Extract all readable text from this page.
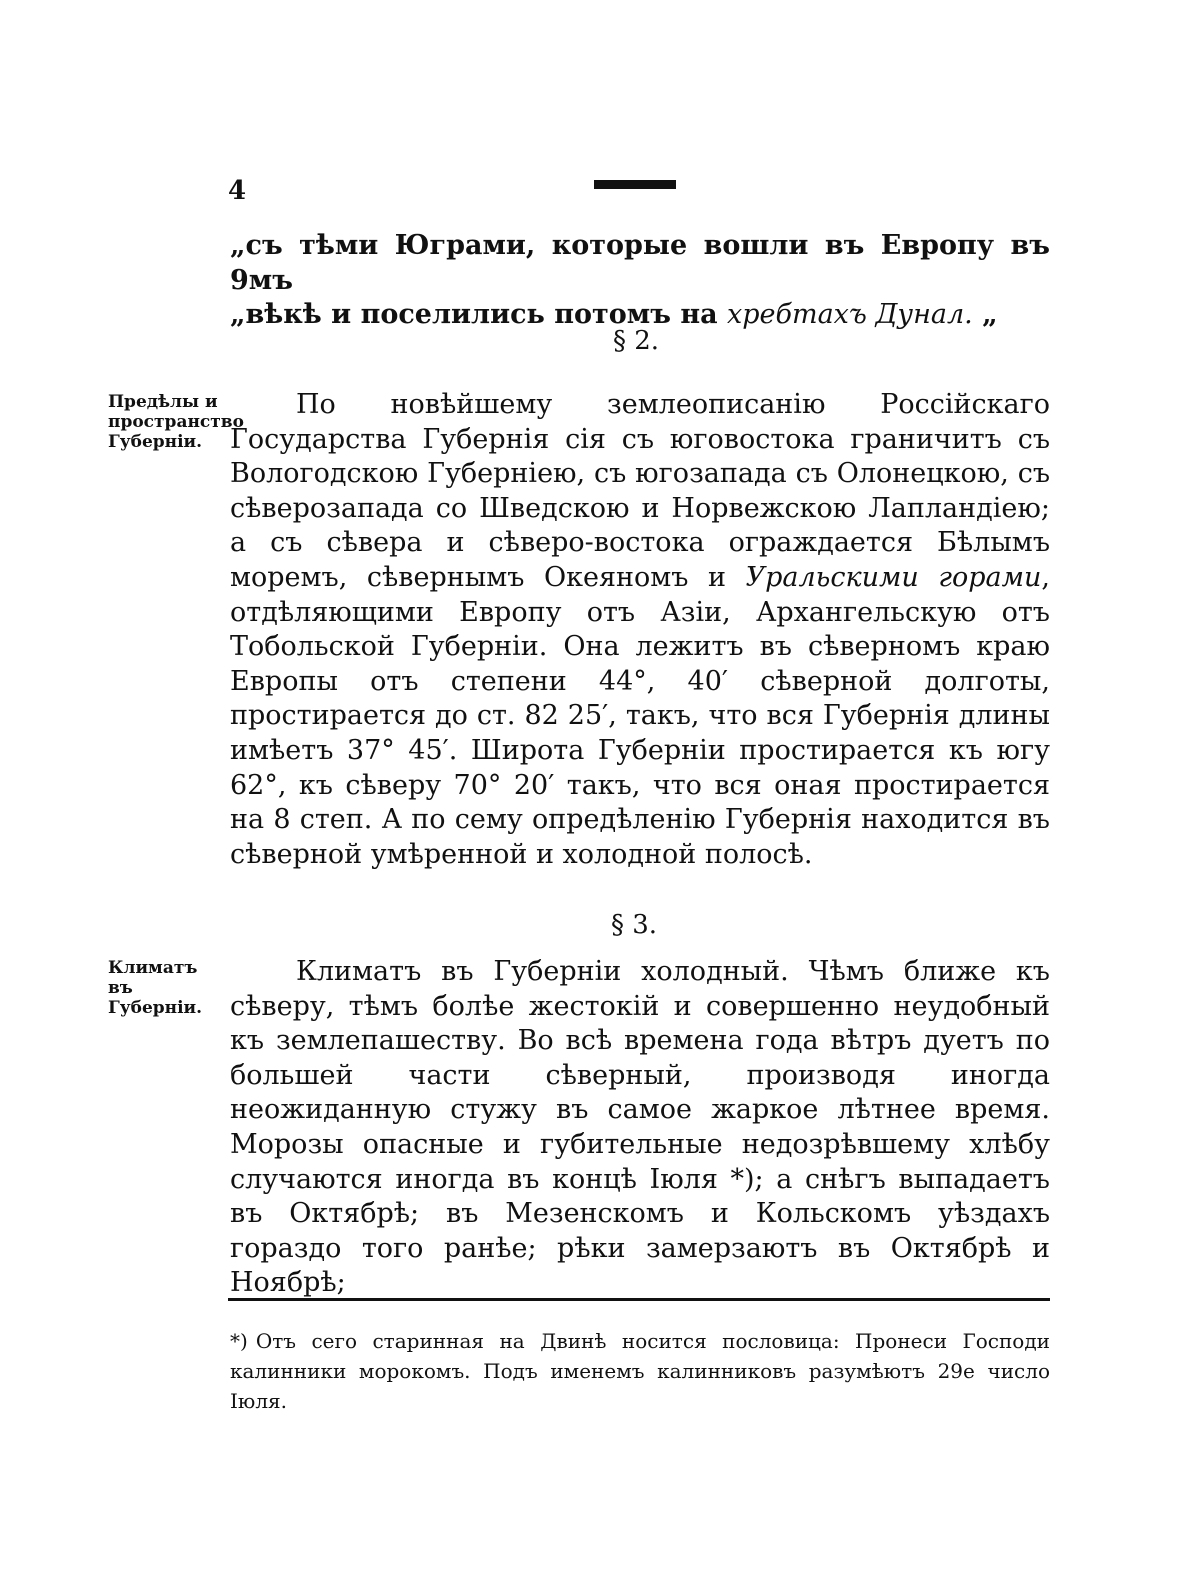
4
„съ тѣми Юграми, которые вошли въ Европу въ 9мъ
„вѣкѣ и поселились потомъ на хребтахъ Дунал. „
§ 2.
Предѣлы и пространство Губерніи.
По новѣйшему землеописанію Россійскаго Государства Губернія сія съ юговостока граничитъ съ Вологодскою Губерніею, съ югозапада съ Олонецкою, съ сѣверозапада со Шведскою и Норвежскою Лапландіею; а съ сѣвера и сѣверо-востока ограждается Бѣлымъ моремъ, сѣвернымъ Океяномъ и Уральскими горами, отдѣляющими Европу отъ Азіи, Архангельскую отъ Тобольской Губерніи. Она лежитъ въ сѣверномъ краю Европы отъ степени 44°, 40′ сѣверной долготы, простирается до ст. 82 25′, такъ, что вся Губернія длины имѣетъ 37° 45′. Широта Губерніи простирается къ югу 62°, къ сѣверу 70° 20′ такъ, что вся оная простирается на 8 степ. А по сему опредѣленію Губернія находится въ сѣверной умѣренной и холодной полосѣ.
§ 3.
Климатъ въ Губерніи.
Климатъ въ Губерніи холодный. Чѣмъ ближе къ сѣверу, тѣмъ болѣе жестокій и совершенно неудобный къ землепашеству. Во всѣ времена года вѣтръ дуетъ по большей части сѣверный, производя иногда неожиданную стужу въ самое жаркое лѣтнее время. Морозы опасные и губительные недозрѣвшему хлѣбу случаются иногда въ концѣ Іюля *); а снѣгъ выпадаетъ въ Октябрѣ; въ Мезенскомъ и Кольскомъ уѣздахъ гораздо того ранѣе; рѣки замерзаютъ въ Октябрѣ и Ноябрѣ;
*) Отъ сего старинная на Двинѣ носится пословица: Пронеси Господи калинники морокомъ. Подъ именемъ калинниковъ разумѣютъ 29е число Іюля.
